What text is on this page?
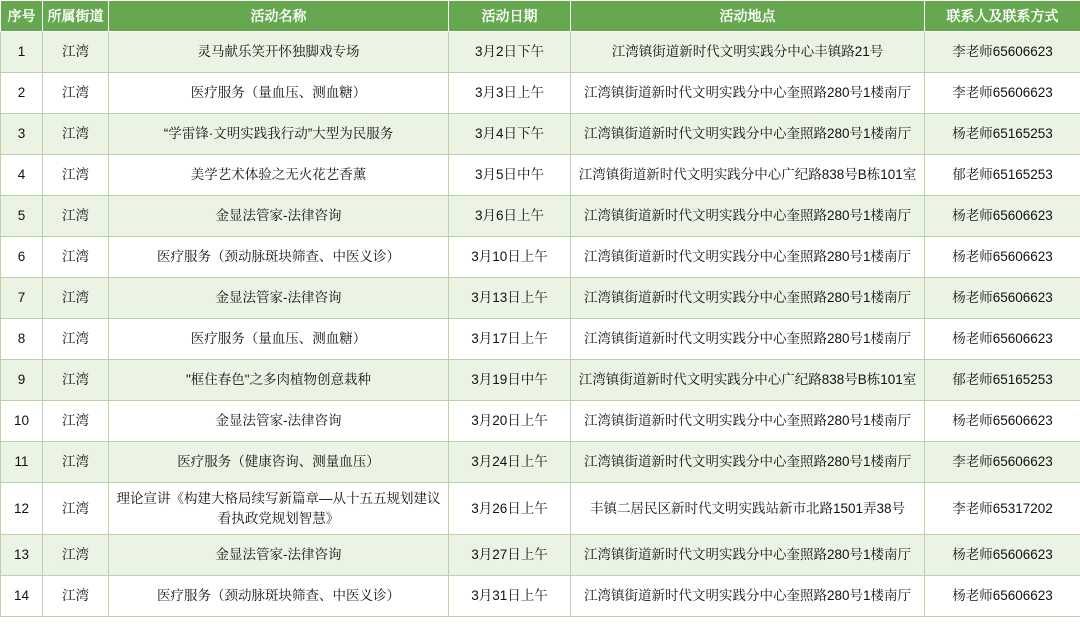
序号	所属街道	活动名称	活动日期	活动地点	联系人及联系方式
1	江湾	灵马献乐笑开怀独脚戏专场	3月2日下午	江湾镇街道新时代文明实践分中心丰镇路21号	李老师65606623
2	江湾	医疗服务（量血压、测血糖）	3月3日上午	江湾镇街道新时代文明实践分中心奎照路280号1楼南厅	李老师65606623
3	江湾	“学雷锋·文明实践我行动”大型为民服务	3月4日下午	江湾镇街道新时代文明实践分中心奎照路280号1楼南厅	杨老师65165253
4	江湾	美学艺术体验之无火花艺香薰	3月5日中午	江湾镇街道新时代文明实践分中心广纪路838号B栋101室	郁老师65165253
5	江湾	金显法管家-法律咨询	3月6日上午	江湾镇街道新时代文明实践分中心奎照路280号1楼南厅	杨老师65606623
6	江湾	医疗服务（颈动脉斑块筛查、中医义诊）	3月10日上午	江湾镇街道新时代文明实践分中心奎照路280号1楼南厅	杨老师65606623
7	江湾	金显法管家-法律咨询	3月13日上午	江湾镇街道新时代文明实践分中心奎照路280号1楼南厅	杨老师65606623
8	江湾	医疗服务（量血压、测血糖）	3月17日上午	江湾镇街道新时代文明实践分中心奎照路280号1楼南厅	杨老师65606623
9	江湾	"框住春色"之多肉植物创意栽种	3月19日中午	江湾镇街道新时代文明实践分中心广纪路838号B栋101室	郁老师65165253
10	江湾	金显法管家-法律咨询	3月20日上午	江湾镇街道新时代文明实践分中心奎照路280号1楼南厅	杨老师65606623
11	江湾	医疗服务（健康咨询、测量血压）	3月24日上午	江湾镇街道新时代文明实践分中心奎照路280号1楼南厅	李老师65606623
12	江湾	理论宣讲《构建大格局续写新篇章—从十五五规划建议看执政党规划智慧》	3月26日上午	丰镇二居民区新时代文明实践站新市北路1501弄38号	李老师65317202
13	江湾	金显法管家-法律咨询	3月27日上午	江湾镇街道新时代文明实践分中心奎照路280号1楼南厅	杨老师65606623
14	江湾	医疗服务（颈动脉斑块筛查、中医义诊）	3月31日上午	江湾镇街道新时代文明实践分中心奎照路280号1楼南厅	杨老师65606623
